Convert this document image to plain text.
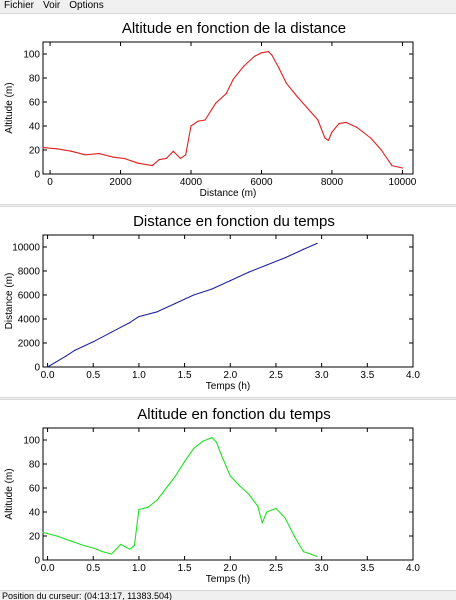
Fichier Voir Options
Altitude en fonction de la distance
0	2000	4000	6000	8000	10000
0
20
40
60
80
100
Distance (m)
Altitude (m)
Distance en fonction du temps
0.0	0.5	1.0	1.5	2.0	2.5	3.0	3.5	4.0
0
2000
4000
6000
8000
10000
Temps (h)
Distance (m)
Altitude en fonction du temps
0.0	0.5	1.0	1.5	2.0	2.5	3.0	3.5	4.0
0
20
40
60
80
100
Temps (h)
Altitude (m)
Position du curseur: (04:13:17, 11383.504)
